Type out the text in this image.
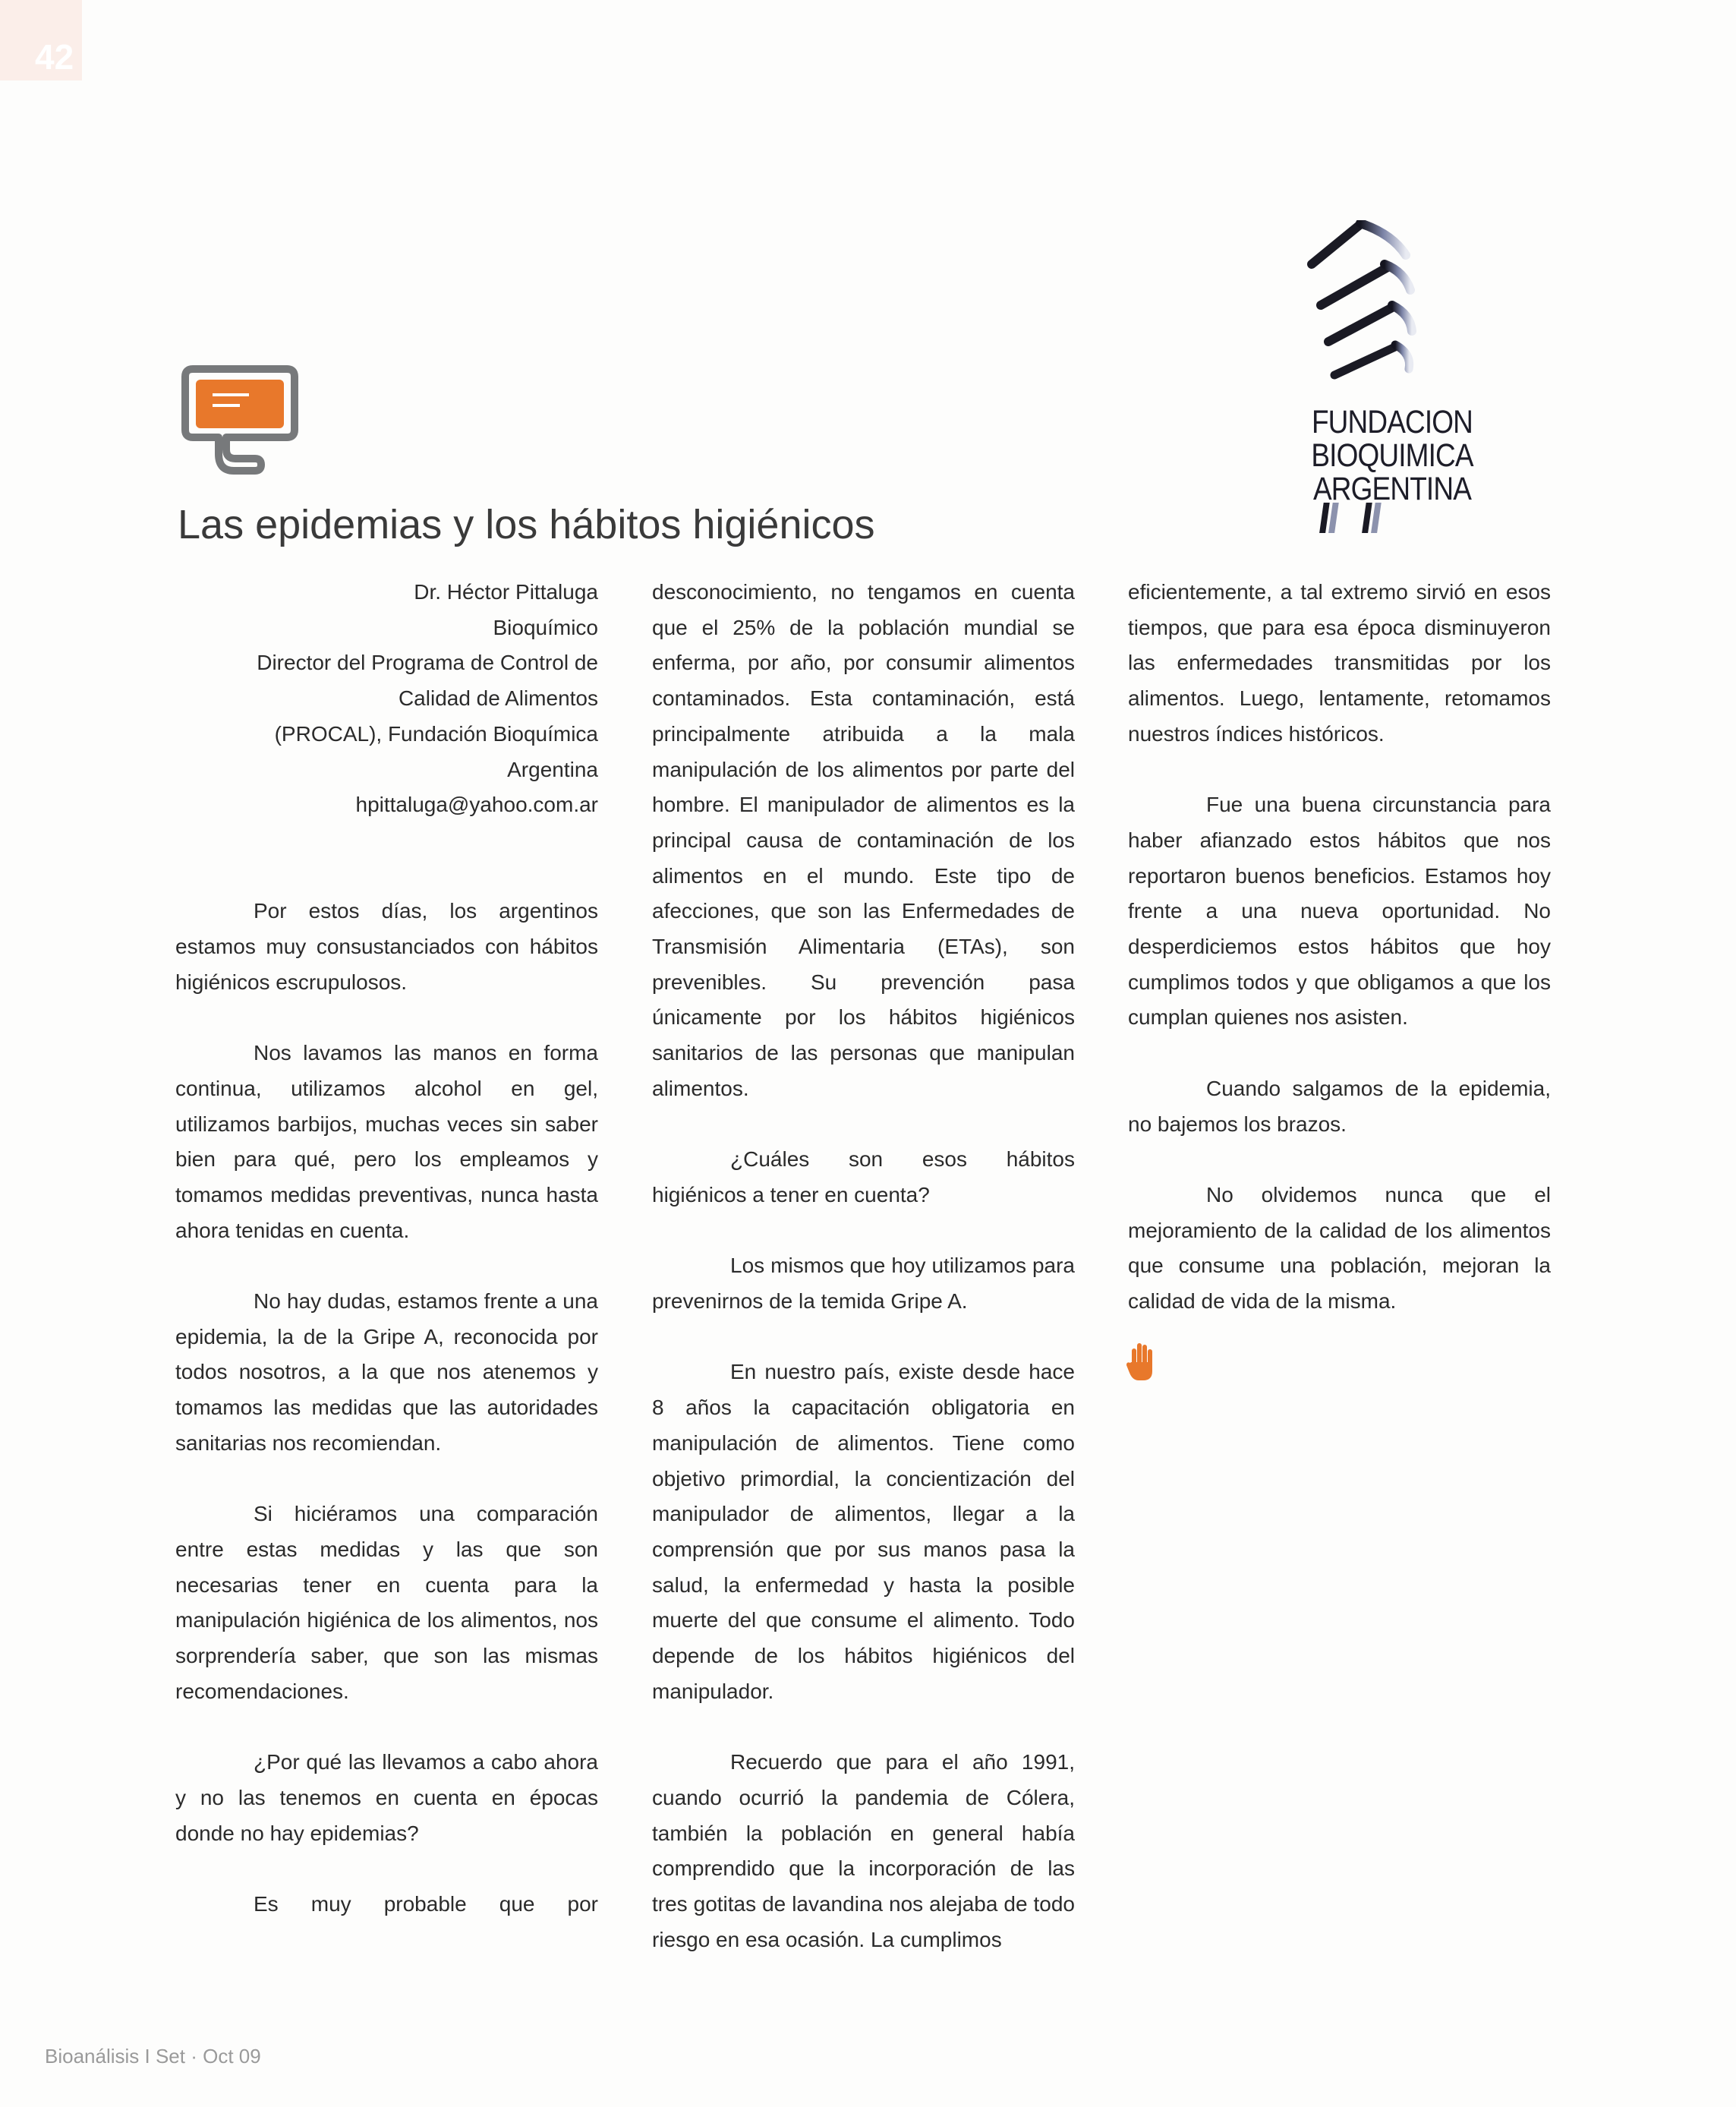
42
Las epidemias y los hábitos higiénicos
FUNDACION
BIOQUIMICA
ARGENTINA
Dr. Héctor Pittaluga
Bioquímico
Director del Programa de Control de
Calidad de Alimentos
(PROCAL), Fundación Bioquímica
Argentina
hpittaluga@yahoo.com.ar

Por estos días, los argentinos estamos muy consustanciados con hábitos higiénicos escrupulosos.

Nos lavamos las manos en forma continua, utilizamos alcohol en gel, utilizamos barbijos, muchas veces sin saber bien para qué, pero los empleamos y tomamos medidas preventivas, nunca hasta ahora tenidas en cuenta.

No hay dudas, estamos frente a una epidemia, la de la Gripe A, reconocida por todos nosotros, a la que nos atenemos y tomamos las medidas que las autoridades sanitarias nos recomiendan.

Si hiciéramos una comparación entre estas medidas y las que son necesarias tener en cuenta para la manipulación higiénica de los alimentos, nos sorprendería saber, que son las mismas recomendaciones.

¿Por qué las llevamos a cabo ahora y no las tenemos en cuenta en épocas donde no hay epidemias?

Es muy probable que por

desconocimiento, no tengamos en cuenta que el 25% de la población mundial se enferma, por año, por consumir alimentos contaminados. Esta contaminación, está principalmente atribuida a la mala manipulación de los alimentos por parte del hombre. El manipulador de alimentos es la principal causa de contaminación de los alimentos en el mundo. Este tipo de afecciones, que son las Enfermedades de Transmisión Alimentaria (ETAs), son prevenibles. Su prevención pasa únicamente por los hábitos higiénicos sanitarios de las personas que manipulan alimentos.

¿Cuáles son esos hábitos higiénicos a tener en cuenta?

Los mismos que hoy utilizamos para prevenirnos de la temida Gripe A.

En nuestro país, existe desde hace 8 años la capacitación obligatoria en manipulación de alimentos. Tiene como objetivo primordial, la concientización del manipulador de alimentos, llegar a la comprensión que por sus manos pasa la salud, la enfermedad y hasta la posible muerte del que consume el alimento. Todo depende de los hábitos higiénicos del manipulador.

Recuerdo que para el año 1991, cuando ocurrió la pandemia de Cólera, también la población en general había comprendido que la incorporación de las tres gotitas de lavandina nos alejaba de todo riesgo en esa ocasión. La cumplimos

eficientemente, a tal extremo sirvió en esos tiempos, que para esa época disminuyeron las enfermedades transmitidas por los alimentos. Luego, lentamente, retomamos nuestros índices históricos.

Fue una buena circunstancia para haber afianzado estos hábitos que nos reportaron buenos beneficios. Estamos hoy frente a una nueva oportunidad. No desperdiciemos estos hábitos que hoy cumplimos todos y que obligamos a que los cumplan quienes nos asisten.

Cuando salgamos de la epidemia, no bajemos los brazos.

No olvidemos nunca que el mejoramiento de la calidad de los alimentos que consume una población, mejoran la calidad de vida de la misma.

Bioanálisis I Set · Oct 09
